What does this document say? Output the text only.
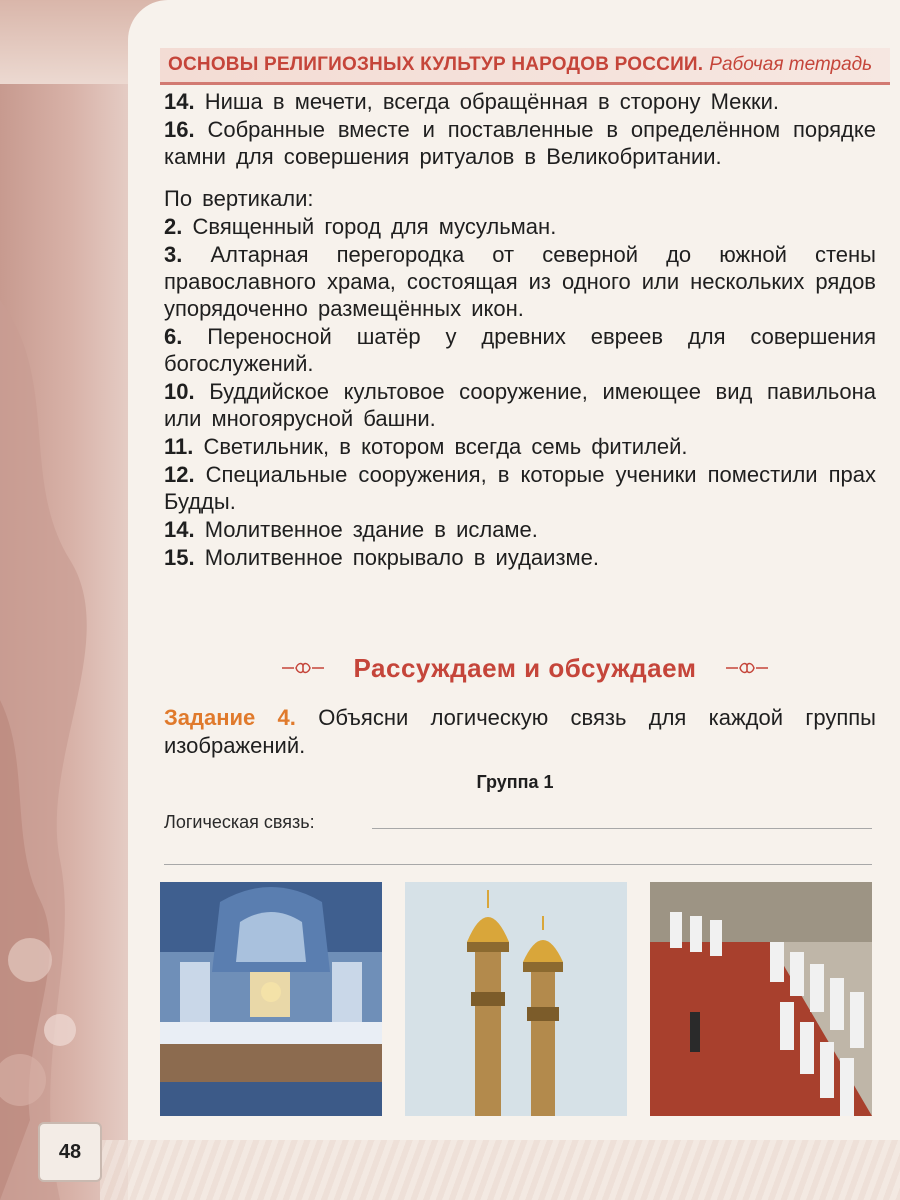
ОСНОВЫ РЕЛИГИОЗНЫХ КУЛЬТУР НАРОДОВ РОССИИ. Рабочая тетрадь
14. Ниша в мечети, всегда обращённая в сторону Мекки.
16. Собранные вместе и поставленные в определённом порядке камни для совершения ритуалов в Великобритании.
По вертикали:
2. Священный город для мусульман.
3. Алтарная перегородка от северной до южной стены православного храма, состоящая из одного или нескольких рядов упорядоченно размещённых икон.
6. Переносной шатёр у древних евреев для совершения богослужений.
10. Буддийское культовое сооружение, имеющее вид павильона или многоярусной башни.
11. Светильник, в котором всегда семь фитилей.
12. Специальные сооружения, в которые ученики поместили прах Будды.
14. Молитвенное здание в исламе.
15. Молитвенное покрывало в иудаизме.
Рассуждаем и обсуждаем
Задание 4. Объясни логическую связь для каждой группы изображений.
Группа 1
Логическая связь:
48
